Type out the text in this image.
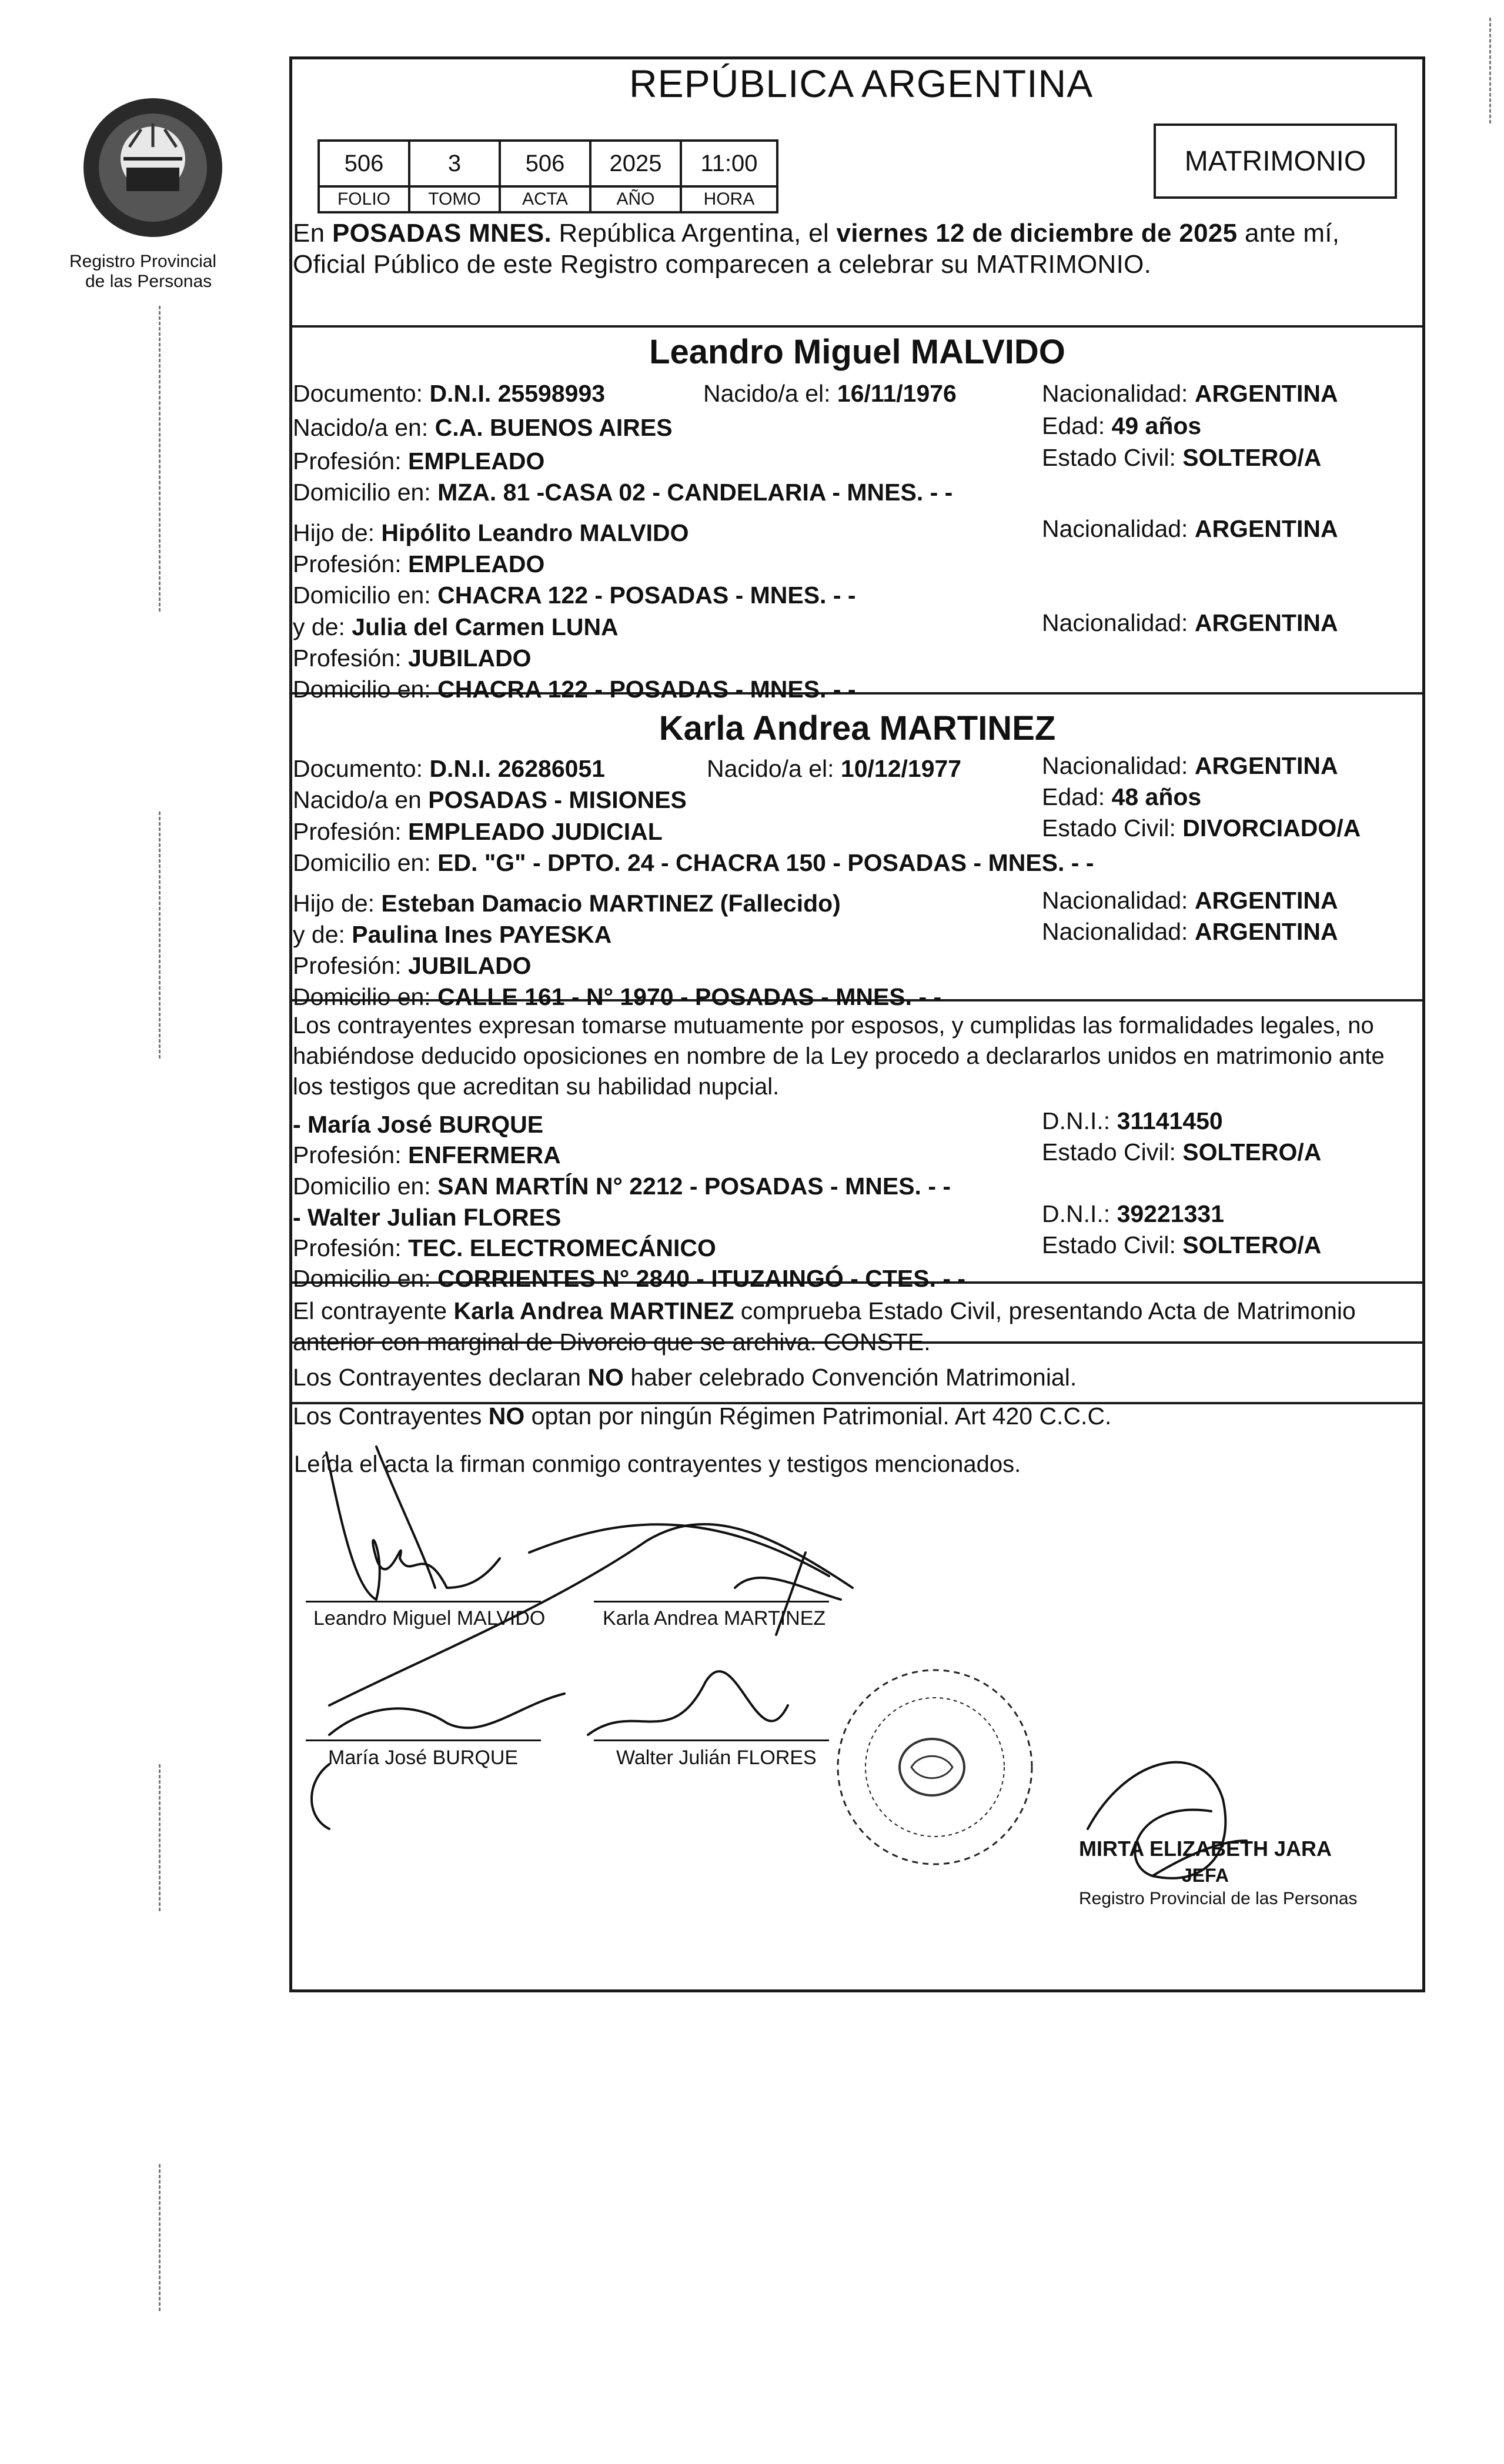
Registro Provincial
de las Personas
REPÚBLICA ARGENTINA
506	3	506	2025	11:00
FOLIO	TOMO	ACTA	AÑO	HORA
MATRIMONIO
En POSADAS MNES. República Argentina, el viernes 12 de diciembre de 2025 ante mí,
Oficial Público de este Registro comparecen a celebrar su MATRIMONIO.
Leandro Miguel MALVIDO
Documento: D.N.I. 25598993	Nacido/a el: 16/11/1976	Nacionalidad: ARGENTINA
Nacido/a en: C.A. BUENOS AIRES	Edad: 49 años
Profesión: EMPLEADO	Estado Civil: SOLTERO/A
Domicilio en: MZA. 81 -CASA 02 - CANDELARIA - MNES. - -
Hijo de: Hipólito Leandro MALVIDO	Nacionalidad: ARGENTINA
Profesión: EMPLEADO
Domicilio en: CHACRA 122 - POSADAS - MNES. - -
y de: Julia del Carmen LUNA	Nacionalidad: ARGENTINA
Profesión: JUBILADO
Domicilio en: CHACRA 122 - POSADAS - MNES. - -
Karla Andrea MARTINEZ
Documento: D.N.I. 26286051	Nacido/a el: 10/12/1977	Nacionalidad: ARGENTINA
Nacido/a en POSADAS - MISIONES	Edad: 48 años
Profesión: EMPLEADO JUDICIAL	Estado Civil: DIVORCIADO/A
Domicilio en: ED. "G" - DPTO. 24 - CHACRA 150 - POSADAS - MNES. - -
Hijo de: Esteban Damacio MARTINEZ (Fallecido)	Nacionalidad: ARGENTINA
y de: Paulina Ines PAYESKA	Nacionalidad: ARGENTINA
Profesión: JUBILADO
Domicilio en: CALLE 161 - N° 1970 - POSADAS - MNES. - -
Los contrayentes expresan tomarse mutuamente por esposos, y cumplidas las formalidades legales, no
habiéndose deducido oposiciones en nombre de la Ley procedo a declararlos unidos en matrimonio ante
los testigos que acreditan su habilidad nupcial.
- María José BURQUE	D.N.I.: 31141450
Profesión: ENFERMERA	Estado Civil: SOLTERO/A
Domicilio en: SAN MARTÍN N° 2212 - POSADAS - MNES. - -
- Walter Julian FLORES	D.N.I.: 39221331
Profesión: TEC. ELECTROMECÁNICO	Estado Civil: SOLTERO/A
Domicilio en: CORRIENTES N° 2840 - ITUZAINGÓ - CTES. - -
El contrayente Karla Andrea MARTINEZ comprueba Estado Civil, presentando Acta de Matrimonio
anterior con marginal de Divorcio que se archiva. CONSTE.
Los Contrayentes declaran NO haber celebrado Convención Matrimonial.
Los Contrayentes NO optan por ningún Régimen Patrimonial. Art 420 C.C.C.
Leída el acta la firman conmigo contrayentes y testigos mencionados.
Leandro Miguel MALVIDO	Karla Andrea MARTINEZ
María José BURQUE	Walter Julián FLORES
MIRTA ELIZABETH JARA
JEFA
Registro Provincial de las Personas
